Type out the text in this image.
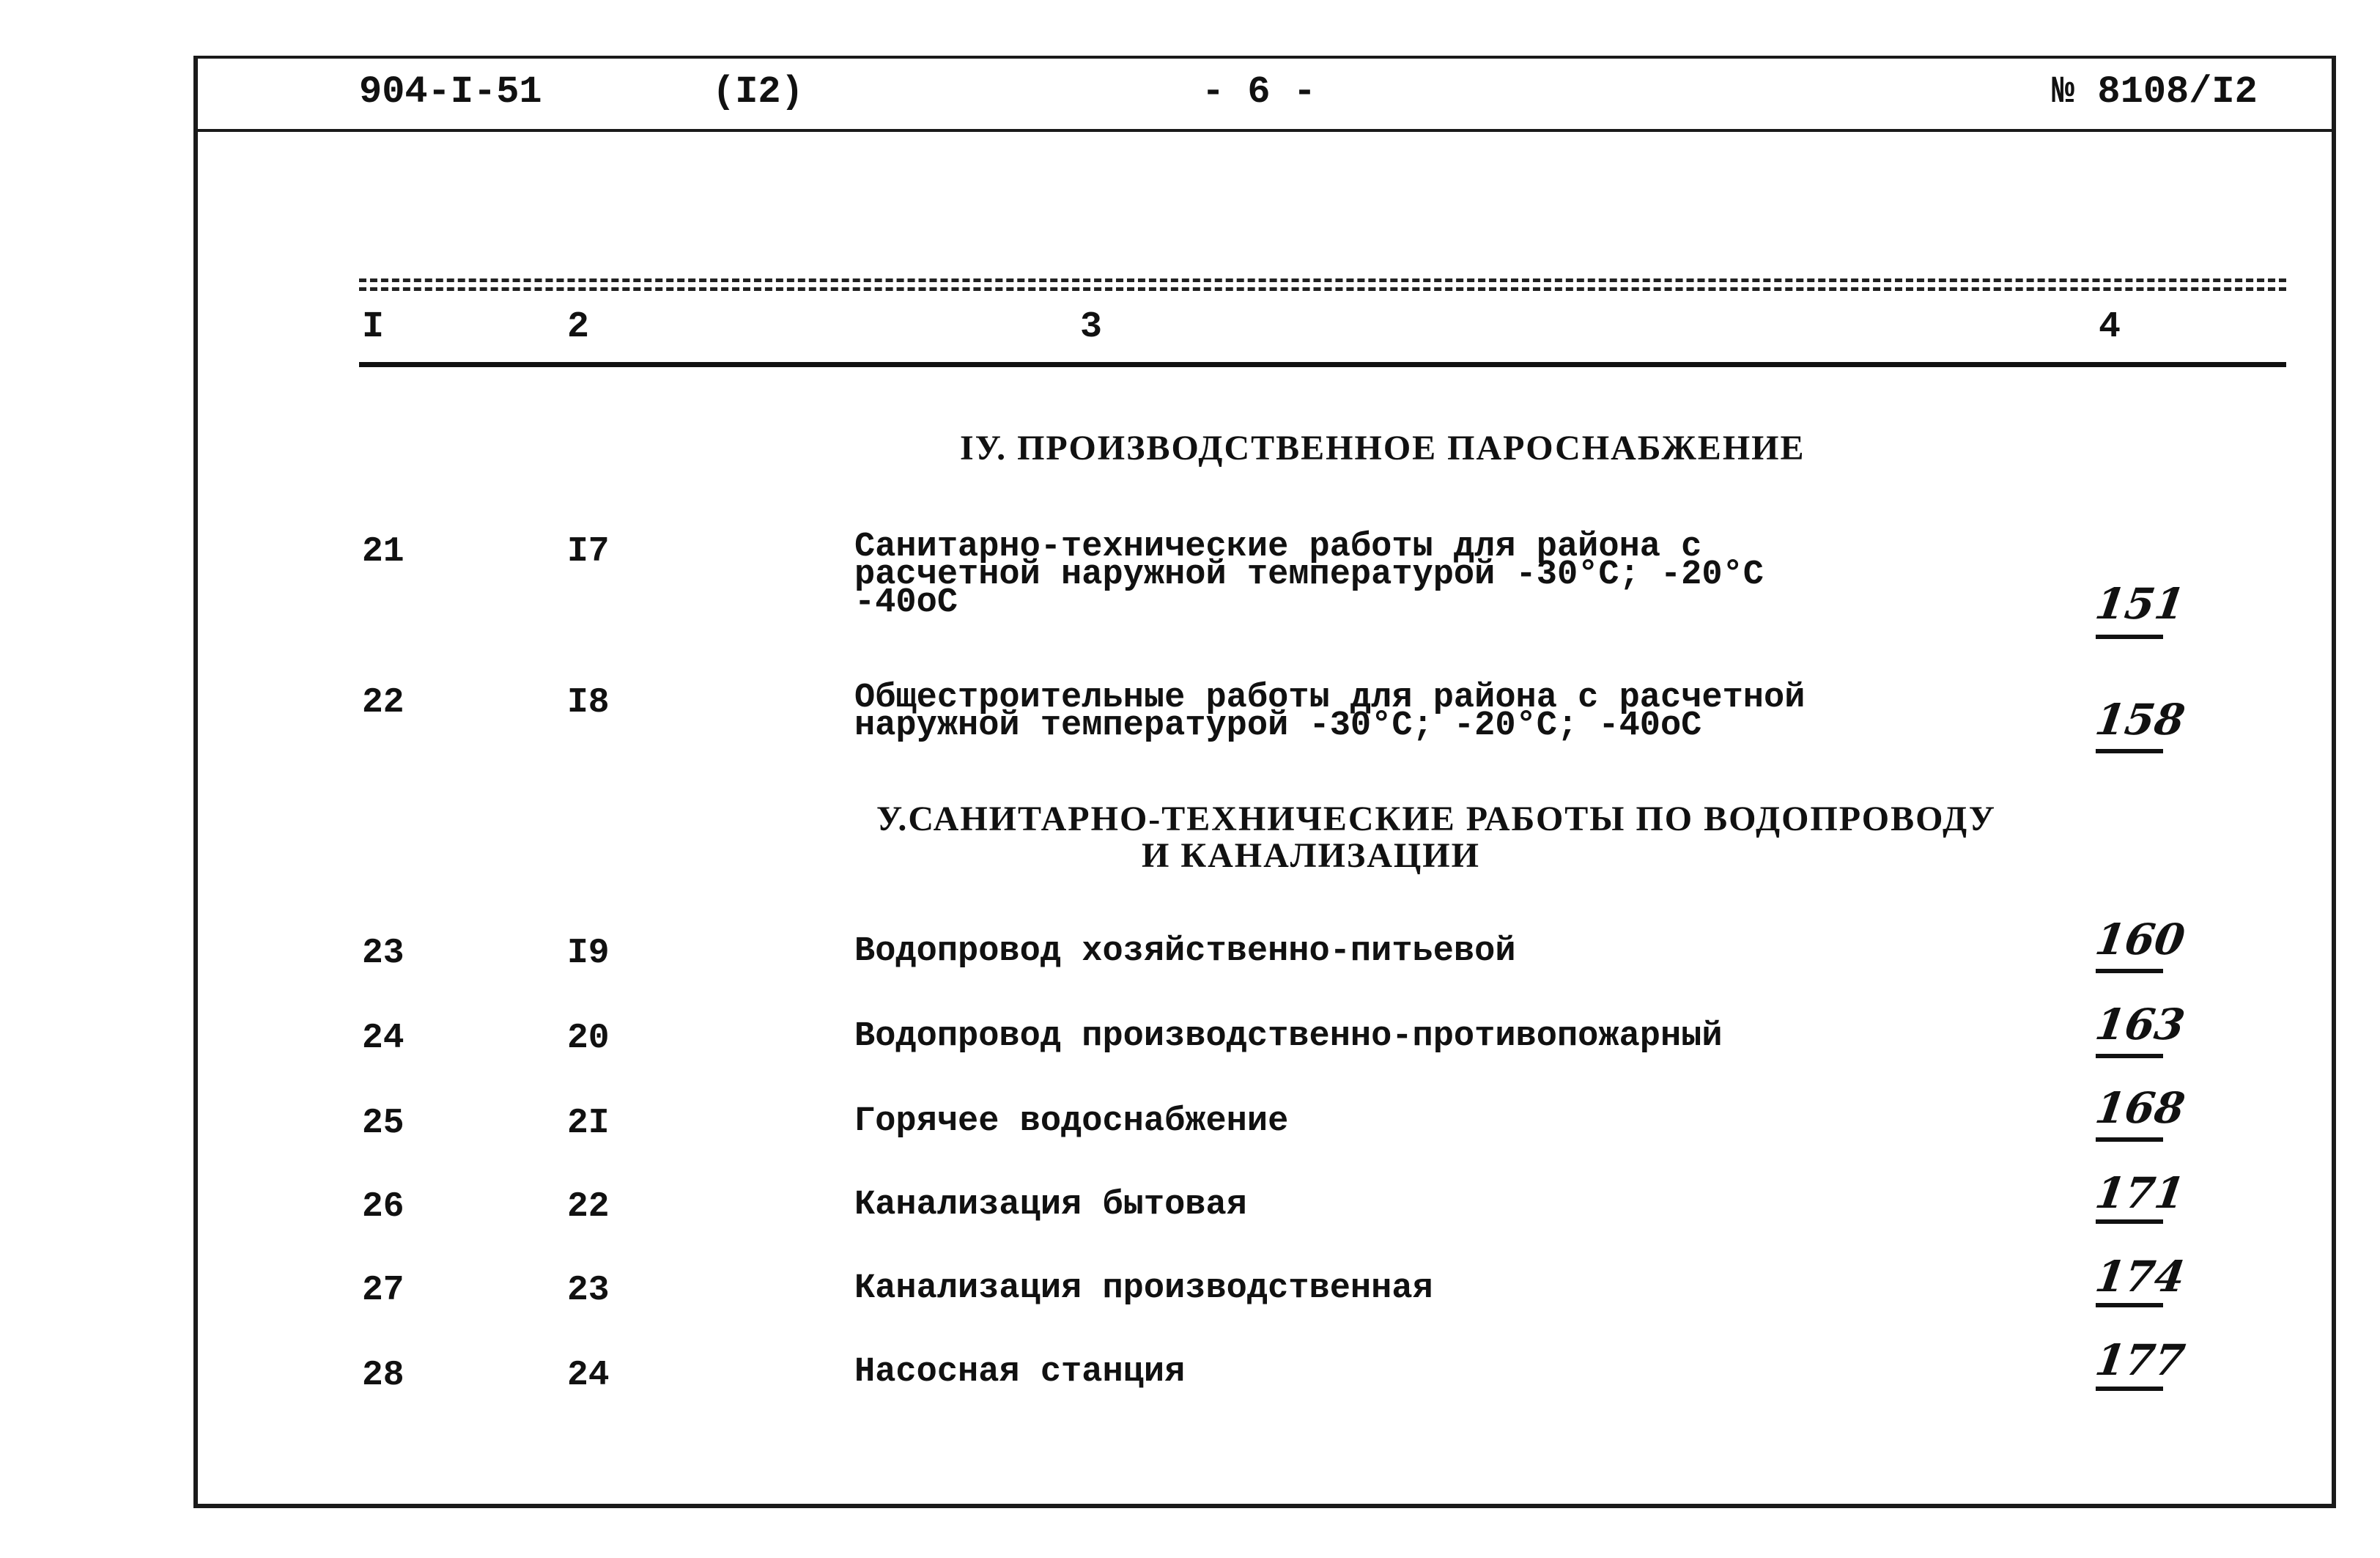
904-I-51	(I2)	- 6 -	№ 8108/I2
I	2	3	4
IУ. ПРОИЗВОДСТВЕННОЕ ПАРОСНАБЖЕНИЕ
21	I7	Санитарно-технические работы для района с
расчетной наружной температурой -30°С; -20°С
-40оС	151
22	I8	Общестроительные работы для района с расчетной
наружной температурой -30°С; -20°С; -40оС	158
У.САНИТАРНО-ТЕХНИЧЕСКИЕ РАБОТЫ ПО ВОДОПРОВОДУ
И КАНАЛИЗАЦИИ
23	I9	Водопровод хозяйственно-питьевой	160
24	20	Водопровод производственно-противопожарный	163
25	2I	Горячее водоснабжение	168
26	22	Канализация бытовая	171
27	23	Канализация производственная	174
28	24	Насосная станция	177
